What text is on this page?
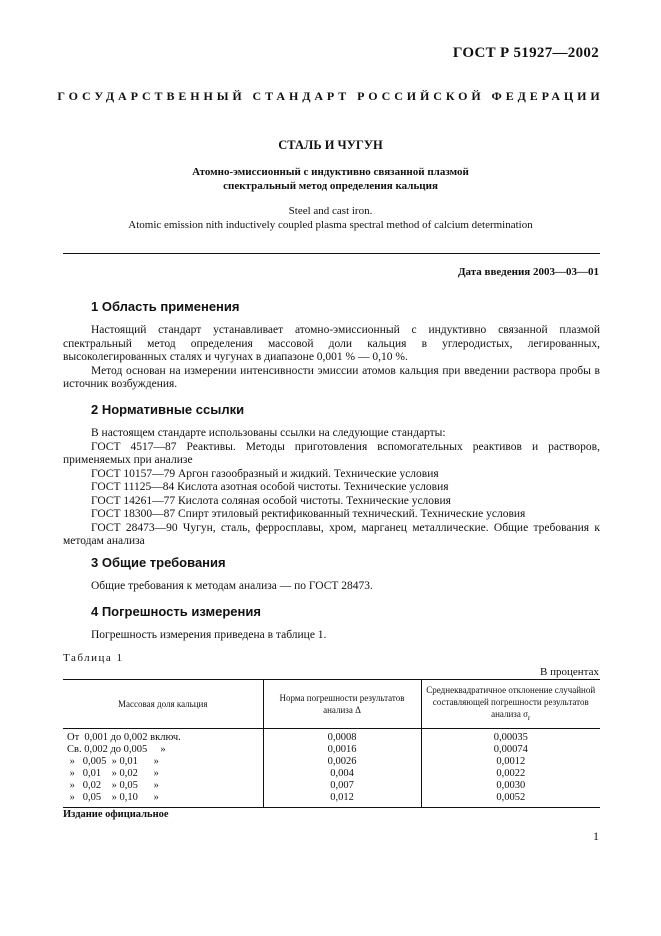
ГОСТ Р 51927—2002
ГОСУДАРСТВЕННЫЙ СТАНДАРТ РОССИЙСКОЙ ФЕДЕРАЦИИ
СТАЛЬ И ЧУГУН
Атомно-эмиссионный с индуктивно связанной плазмой
спектральный метод определения кальция
Steel and cast iron.
Atomic emission nith inductively coupled plasma spectral method of calcium determination
Дата введения 2003—03—01
1 Область применения

Настоящий стандарт устанавливает атомно-эмиссионный с индуктивно связанной плазмой спектральный метод определения массовой доли кальция в углеродистых, легированных, высоколегированных сталях и чугунах в диапазоне 0,001 % — 0,10 %.

Метод основан на измерении интенсивности эмиссии атомов кальция при введении раствора пробы в источник возбуждения.

2 Нормативные ссылки
В настоящем стандарте использованы ссылки на следующие стандарты:
ГОСТ 4517—87 Реактивы. Методы приготовления вспомогательных реактивов и растворов, применяемых при анализе
ГОСТ 10157—79 Аргон газообразный и жидкий. Технические условия
ГОСТ 11125—84 Кислота азотная особой чистоты. Технические условия
ГОСТ 14261—77 Кислота соляная особой чистоты. Технические условия
ГОСТ 18300—87 Спирт этиловый ректификованный технический. Технические условия
ГОСТ 28473—90 Чугун, сталь, ферросплавы, хром, марганец металлические. Общие требования к методам анализа
3 Общие требования

Общие требования к методам анализа — по ГОСТ 28473.

4 Погрешность измерения

Погрешность измерения приведена в таблице 1.

Таблица 1
В процентах
Массовая доля кальция	Норма погрешности результатов анализа Δ	Среднеквадратичное отклонение случайной составляющей погрешности результатов анализа $\sigma_r$
От  0,001 до 0,002 включ.	0,0008	0,00035
Св. 0,002 до 0,005     »	0,0016	0,00074
»   0,005  » 0,01      »	0,0026	0,0012
»   0,01    » 0,02      »	0,004	0,0022
»   0,02    » 0,05      »	0,007	0,0030
»   0,05    » 0,10      »	0,012	0,0052
Издание официальное
1
